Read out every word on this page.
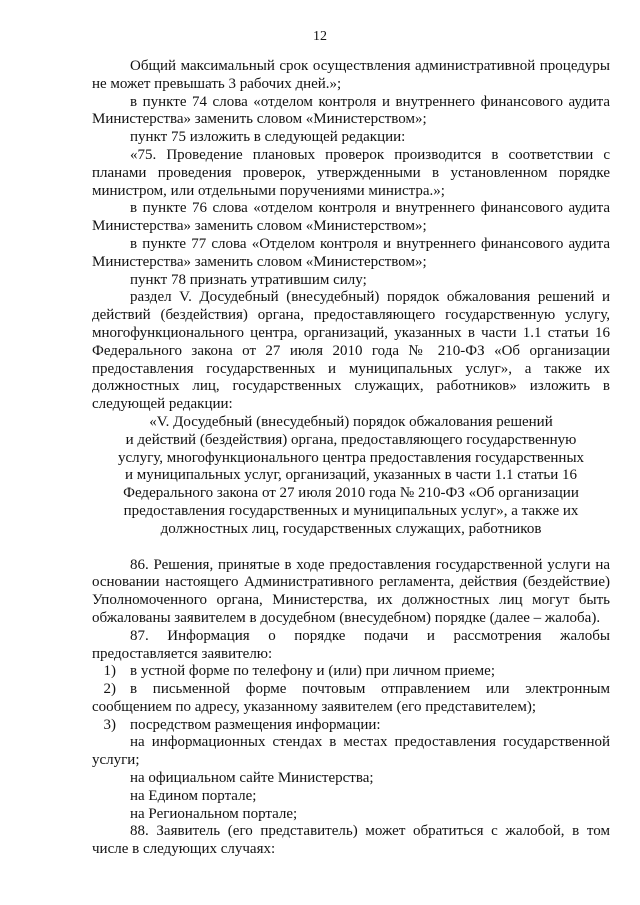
12

Общий максимальный срок осуществления административной процедуры не может превышать 3 рабочих дней.»;

в пункте 74 слова «отделом контроля и внутреннего финансового аудита Министерства» заменить словом «Министерством»;

пункт 75 изложить в следующей редакции:

«75. Проведение плановых проверок производится в соответствии с планами проведения проверок, утвержденными в установленном порядке министром, или отдельными поручениями министра.»;

в пункте 76 слова «отделом контроля и внутреннего финансового аудита Министерства» заменить словом «Министерством»;

в пункте 77 слова «Отделом контроля и внутреннего финансового аудита Министерства» заменить словом «Министерством»;

пункт 78 признать утратившим силу;

раздел V. Досудебный (внесудебный) порядок обжалования решений и действий (бездействия) органа, предоставляющего государственную услугу, многофункционального центра, организаций, указанных в части 1.1 статьи 16 Федерального закона от 27 июля 2010 года № 210-ФЗ «Об организации предоставления государственных и муниципальных услуг», а также их должностных лиц, государственных служащих, работников» изложить в следующей редакции:

«V. Досудебный (внесудебный) порядок обжалования решений

и действий (бездействия) органа, предоставляющего государственную

услугу, многофункционального центра предоставления государственных

и муниципальных услуг, организаций, указанных в части 1.1 статьи 16

Федерального закона от 27 июля 2010 года № 210-ФЗ «Об организации

предоставления государственных и муниципальных услуг», а также их

должностных лиц, государственных служащих, работников

86. Решения, принятые в ходе предоставления государственной услуги на основании настоящего Административного регламента, действия (бездействие) Уполномоченного органа, Министерства, их должностных лиц могут быть обжалованы заявителем в досудебном (внесудебном) порядке (далее – жалоба).

87. Информация о порядке подачи и рассмотрения жалобы предоставляется заявителю:

1) в устной форме по телефону и (или) при личном приеме;

2) в письменной форме почтовым отправлением или электронным сообщением по адресу, указанному заявителем (его представителем);

3) посредством размещения информации:

на информационных стендах в местах предоставления государственной услуги;

на официальном сайте Министерства;

на Едином портале;

на Региональном портале;

88. Заявитель (его представитель) может обратиться с жалобой, в том числе в следующих случаях:
